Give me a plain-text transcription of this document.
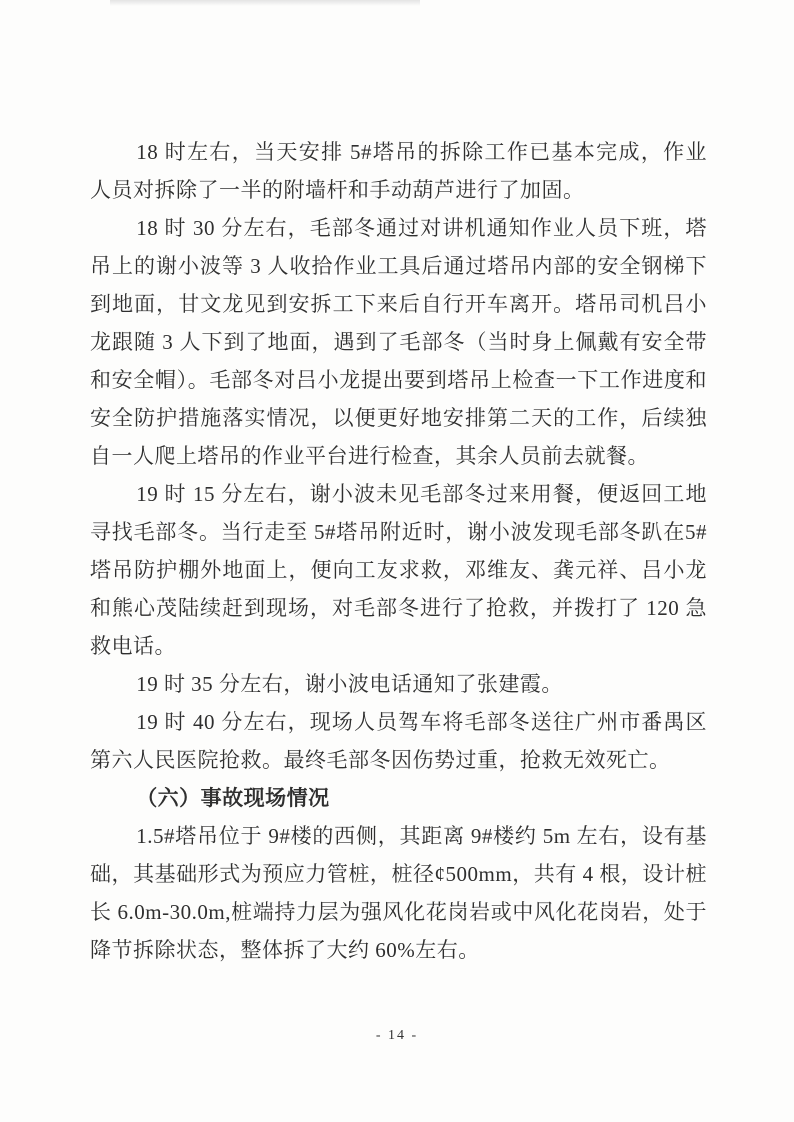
18 时左右，当天安排 5#塔吊的拆除工作已基本完成，作业人员对拆除了一半的附墙杆和手动葫芦进行了加固。

18 时 30 分左右，毛部冬通过对讲机通知作业人员下班，塔吊上的谢小波等 3 人收拾作业工具后通过塔吊内部的安全钢梯下到地面，甘文龙见到安拆工下来后自行开车离开。塔吊司机吕小龙跟随 3 人下到了地面，遇到了毛部冬（当时身上佩戴有安全带和安全帽）。毛部冬对吕小龙提出要到塔吊上检查一下工作进度和安全防护措施落实情况，以便更好地安排第二天的工作，后续独自一人爬上塔吊的作业平台进行检查，其余人员前去就餐。

19 时 15 分左右，谢小波未见毛部冬过来用餐，便返回工地寻找毛部冬。当行走至 5#塔吊附近时，谢小波发现毛部冬趴在5#塔吊防护棚外地面上，便向工友求救，邓维友、龚元祥、吕小龙和熊心茂陆续赶到现场，对毛部冬进行了抢救，并拨打了 120 急救电话。

19 时 35 分左右，谢小波电话通知了张建霞。

19 时 40 分左右，现场人员驾车将毛部冬送往广州市番禺区第六人民医院抢救。最终毛部冬因伤势过重，抢救无效死亡。

（六）事故现场情况

1.5#塔吊位于 9#楼的西侧，其距离 9#楼约 5m 左右，设有基础，其基础形式为预应力管桩，桩径¢500mm，共有 4 根，设计桩长 6.0m-30.0m,桩端持力层为强风化花岗岩或中风化花岗岩，处于降节拆除状态，整体拆了大约 60%左右。

- 14 -
